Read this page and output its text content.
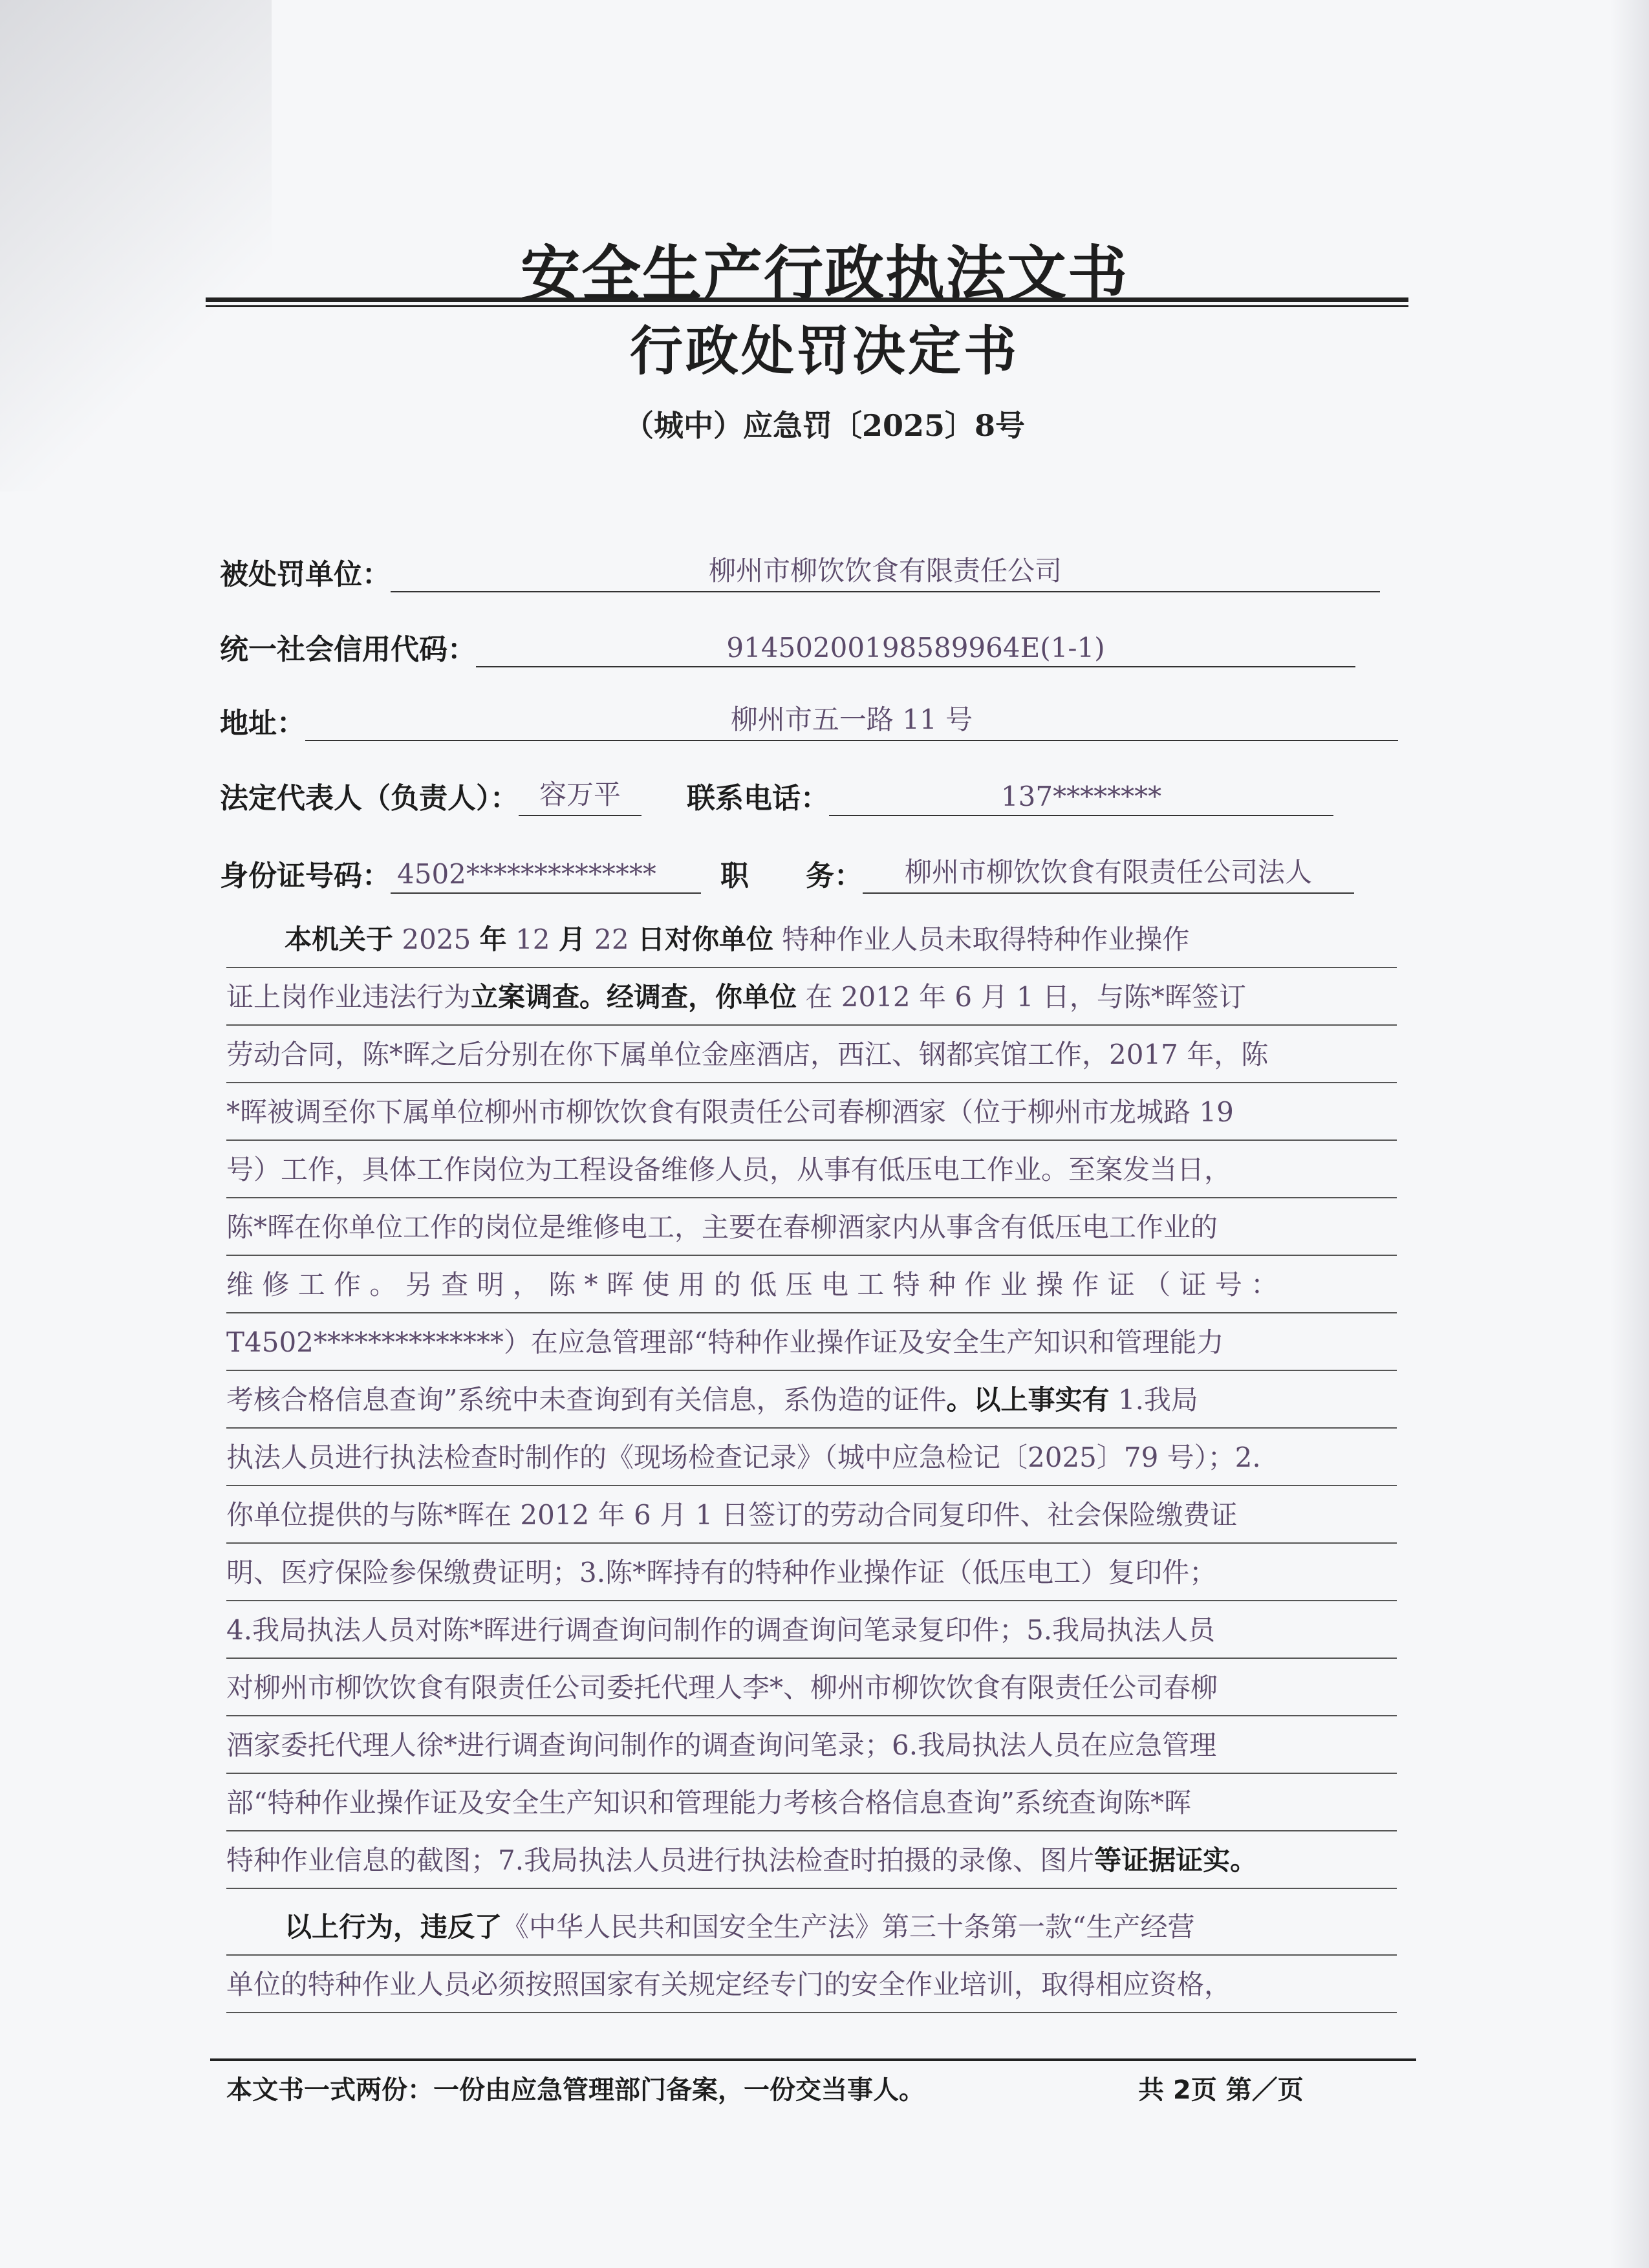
安全生产行政执法文书
行政处罚决定书
（城中）应急罚〔2025〕8号
被处罚单位：	柳州市柳饮饮食有限责任公司
统一社会信用代码：	91450200198589964E(1-1)
地址：	柳州市五一路 11 号
法定代表人（负责人）： 容万平	联系电话：	137********
身份证号码： 4502**************	职　　务：	柳州市柳饮饮食有限责任公司法人
本机关于 2025 年 12 月 22 日对你单位 特种作业人员未取得特种作业操作
证上岗作业违法行为立案调查。经调查，你单位 在 2012 年 6 月 1 日，与陈*晖签订
劳动合同，陈*晖之后分别在你下属单位金座酒店，西江、钢都宾馆工作，2017 年，陈
*晖被调至你下属单位柳州市柳饮饮食有限责任公司春柳酒家（位于柳州市龙城路 19
号）工作，具体工作岗位为工程设备维修人员，从事有低压电工作业。至案发当日，
陈*晖在你单位工作的岗位是维修电工，主要在春柳酒家内从事含有低压电工作业的
维 修 工 作 。 另 查 明 ， 陈 * 晖 使 用 的 低 压 电 工 特 种 作 业 操 作 证 （ 证 号 ：
T4502**************）在应急管理部“特种作业操作证及安全生产知识和管理能力
考核合格信息查询”系统中未查询到有关信息，系伪造的证件。以上事实有 1.我局
执法人员进行执法检查时制作的《现场检查记录》（城中应急检记〔2025〕79 号）；2.
你单位提供的与陈*晖在 2012 年 6 月 1 日签订的劳动合同复印件、社会保险缴费证
明、医疗保险参保缴费证明；3.陈*晖持有的特种作业操作证（低压电工）复印件；
4.我局执法人员对陈*晖进行调查询问制作的调查询问笔录复印件；5.我局执法人员
对柳州市柳饮饮食有限责任公司委托代理人李*、柳州市柳饮饮食有限责任公司春柳
酒家委托代理人徐*进行调查询问制作的调查询问笔录；6.我局执法人员在应急管理
部“特种作业操作证及安全生产知识和管理能力考核合格信息查询”系统查询陈*晖
特种作业信息的截图；7.我局执法人员进行执法检查时拍摄的录像、图片等证据证实。
以上行为，违反了《中华人民共和国安全生产法》第三十条第一款“生产经营
单位的特种作业人员必须按照国家有关规定经专门的安全作业培训，取得相应资格，
本文书一式两份：一份由应急管理部门备案，一份交当事人。	共 2页 第／页
